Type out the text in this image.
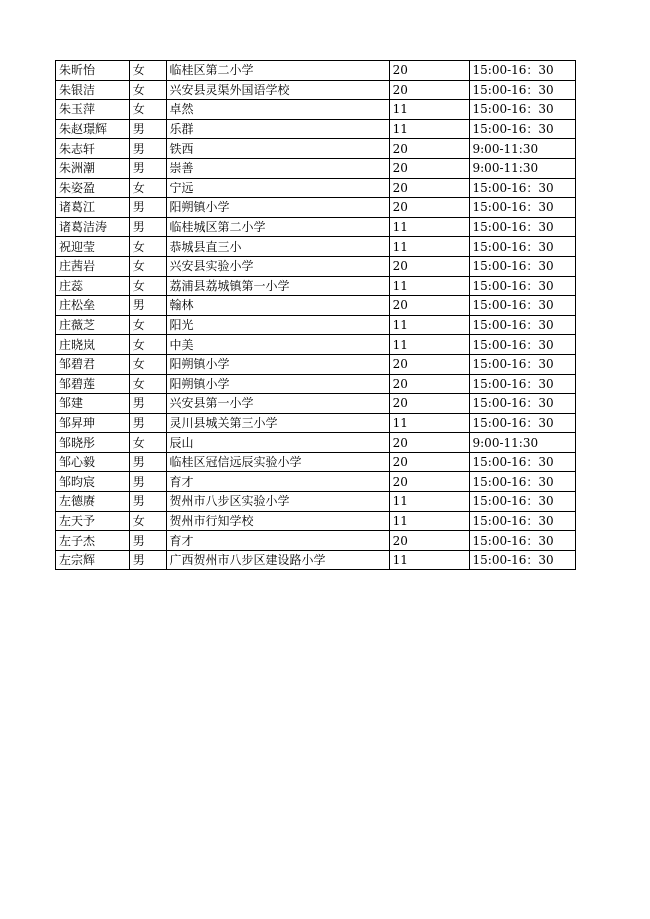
朱昕怡	女	临桂区第二小学	20	15:00-16：30
朱银洁	女	兴安县灵渠外国语学校	20	15:00-16：30
朱玉萍	女	卓然	11	15:00-16：30
朱赵璟辉	男	乐群	11	15:00-16：30
朱志轩	男	铁西	20	9:00-11:30
朱洲潮	男	崇善	20	9:00-11:30
朱姿盈	女	宁远	20	15:00-16：30
诸葛江	男	阳朔镇小学	20	15:00-16：30
诸葛洁涛	男	临桂城区第二小学	11	15:00-16：30
祝迎莹	女	恭城县直三小	11	15:00-16：30
庄茜岩	女	兴安县实验小学	20	15:00-16：30
庄蕊	女	荔浦县荔城镇第一小学	11	15:00-16：30
庄松垒	男	翰林	20	15:00-16：30
庄薇芝	女	阳光	11	15:00-16：30
庄晓岚	女	中美	11	15:00-16：30
邹碧君	女	阳朔镇小学	20	15:00-16：30
邹碧莲	女	阳朔镇小学	20	15:00-16：30
邹建	男	兴安县第一小学	20	15:00-16：30
邹昇珅	男	灵川县城关第三小学	11	15:00-16：30
邹晓彤	女	辰山	20	9:00-11:30
邹心毅	男	临桂区冠信远辰实验小学	20	15:00-16：30
邹昀宸	男	育才	20	15:00-16：30
左德赓	男	贺州市八步区实验小学	11	15:00-16：30
左天予	女	贺州市行知学校	11	15:00-16：30
左子杰	男	育才	20	15:00-16：30
左宗辉	男	广西贺州市八步区建设路小学	11	15:00-16：30
